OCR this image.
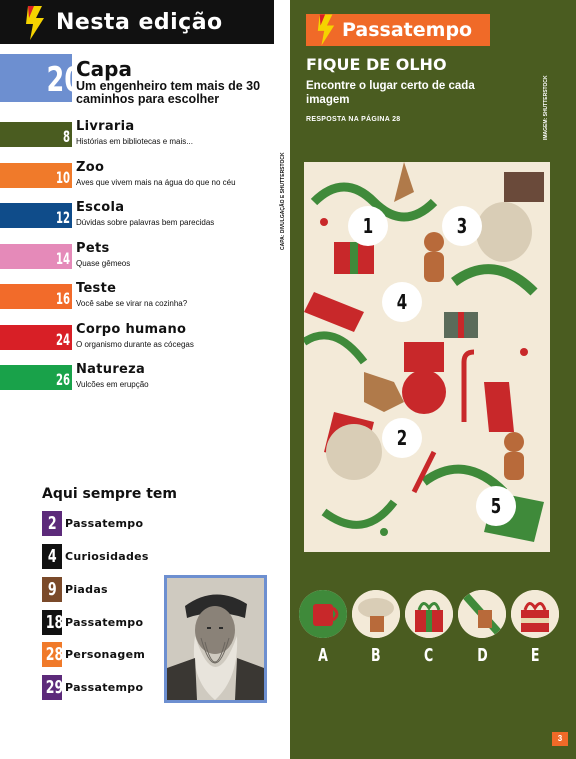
Nesta edição
20
Capa
Um engenheiro tem mais de 30 caminhos para escolher
8
Livraria
Histórias em bibliotecas e mais...
10
Zoo
Aves que vivem mais na água do que no céu
12
Escola
Dúvidas sobre palavras bem parecidas
14
Pets
Quase gêmeos
16
Teste
Você sabe se virar na cozinha?
24
Corpo humano
O organismo durante as cócegas
26
Natureza
Vulcões em erupção
Aqui sempre tem
2 Passatempo
4 Curiosidades
9 Piadas
18 Passatempo
28 Personagem
29 Passatempo
CAPA: DIVULGAÇÃO E SHUTTERSTOCK
Passatempo
FIQUE DE OLHO
Encontre o lugar certo de cada imagem
RESPOSTA NA PÁGINA 28	IMAGEM: SHUTTERSTOCK
1	3
4
2
5
A	B	C	D	E
3
